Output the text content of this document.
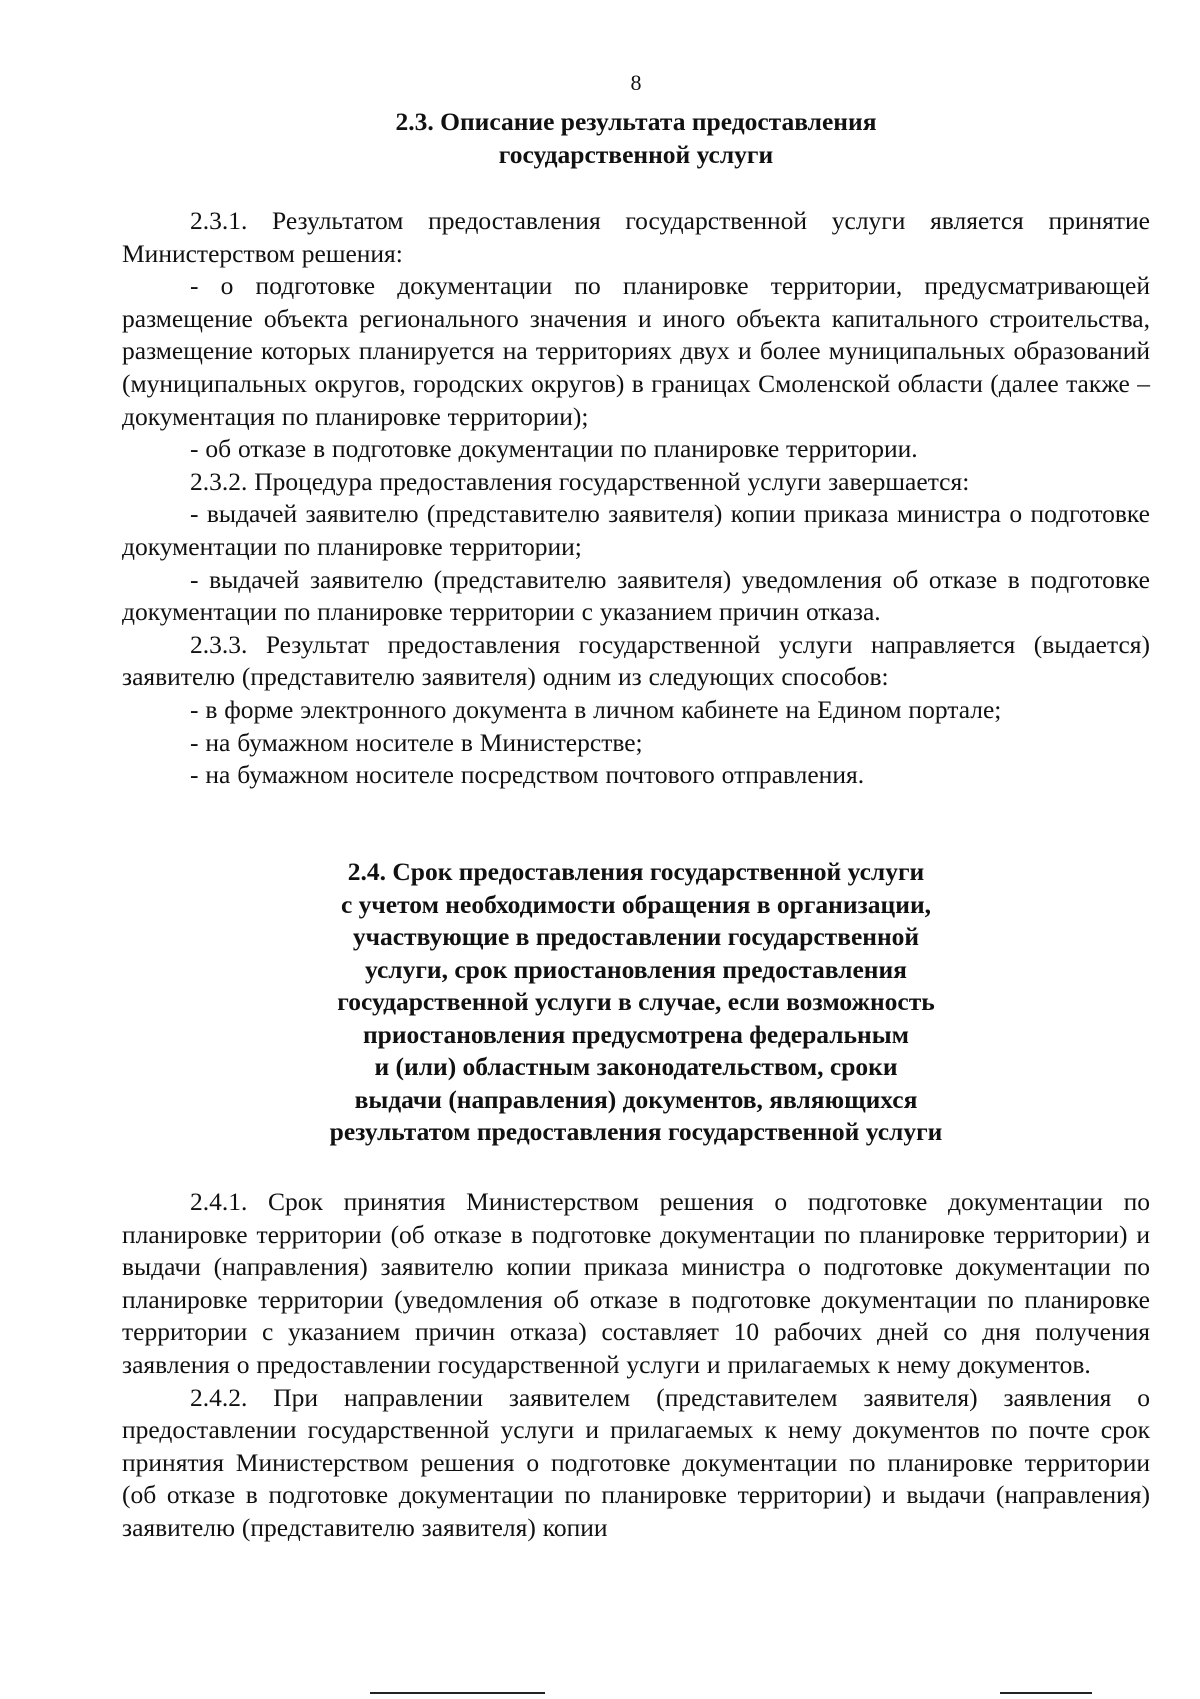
8
2.3. Описание результата предоставления
государственной услуги

2.3.1. Результатом предоставления государственной услуги является принятие Министерством решения:

- о подготовке документации по планировке территории, предусматривающей размещение объекта регионального значения и иного объекта капитального строительства, размещение которых планируется на территориях двух и более муниципальных образований (муниципальных округов, городских округов) в границах Смоленской области (далее также – документация по планировке территории);

- об отказе в подготовке документации по планировке территории.

2.3.2. Процедура предоставления государственной услуги завершается:

- выдачей заявителю (представителю заявителя) копии приказа министра о подготовке документации по планировке территории;

- выдачей заявителю (представителю заявителя) уведомления об отказе в подготовке документации по планировке территории с указанием причин отказа.

2.3.3. Результат предоставления государственной услуги направляется (выдается) заявителю (представителю заявителя) одним из следующих способов:

- в форме электронного документа в личном кабинете на Едином портале;

- на бумажном носителе в Министерстве;

- на бумажном носителе посредством почтового отправления.

2.4. Срок предоставления государственной услуги
с учетом необходимости обращения в организации,
участвующие в предоставлении государственной
услуги, срок приостановления предоставления
государственной услуги в случае, если возможность
приостановления предусмотрена федеральным
и (или) областным законодательством, сроки
выдачи (направления) документов, являющихся
результатом предоставления государственной услуги

2.4.1. Срок принятия Министерством решения о подготовке документации по планировке территории (об отказе в подготовке документации по планировке территории) и выдачи (направления) заявителю копии приказа министра о подготовке документации по планировке территории (уведомления об отказе в подготовке документации по планировке территории с указанием причин отказа) составляет 10 рабочих дней со дня получения заявления о предоставлении государственной услуги и прилагаемых к нему документов.

2.4.2. При направлении заявителем (представителем заявителя) заявления о предоставлении государственной услуги и прилагаемых к нему документов по почте срок принятия Министерством решения о подготовке документации по планировке территории (об отказе в подготовке документации по планировке территории) и выдачи (направления) заявителю (представителю заявителя) копии
